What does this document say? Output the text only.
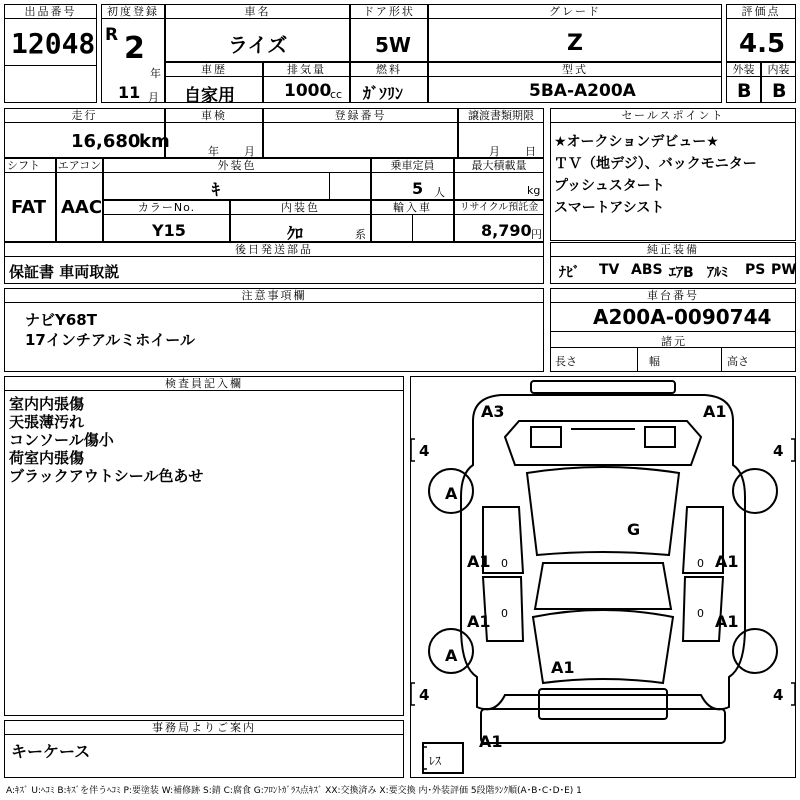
出品番号
12048
初度登録
R 2
年
11 月
車名
ライズ
ドア形状
5W
グレード
Z
評価点
4.5
車歴
自家用
排気量
1000
cc
燃料
ｶﾞｿﾘﾝ
型式
5BA-A200A
外装
B
内装
B
走行
16,680
km
車検
年 月
登録番号	譲渡書類期限
月 日
セールスポイント
★オークションデビュー★
ＴＶ（地デジ）、バックモニター
プッシュスタート
スマートアシスト
シフト
FAT
エアコン
AAC
外装色
ｷ
乗車定員
5 人
最大積載量
kg
カラーNo.
Y15
内装色
ｸﾛ	系
輸入車	リサイクル預託金
8,790 円
後日発送部品
保証書 車両取説
純正装備
ﾅﾋﾞ TV ABS ｴｱB ｱﾙﾐ PS PW
注意事項欄
ナビY68T
17インチアルミホイール
車台番号
A200A-0090744
諸元
長さ	幅	高さ
検査員記入欄
室内内張傷
天張薄汚れ
コンソール傷小
荷室内張傷
ブラックアウトシール色あせ
事務局よりご案内
キーケース
A3	A1
A
A
G
A1	A1
A1
A1
A1
A1
4	4
4	4
ﾚｽ
0	0
0	0
A:ｷｽﾞ U:ﾍｺﾐ B:ｷｽﾞを伴うﾍｺﾐ P:要塗装 W:補修跡 S:錆 C:腐食 G:ﾌﾛﾝﾄｶﾞﾗｽ点ｷｽﾞ XX:交換済み X:要交換 内･外装評価 5段階ﾗﾝｸ順(A･B･C･D･E) 1
